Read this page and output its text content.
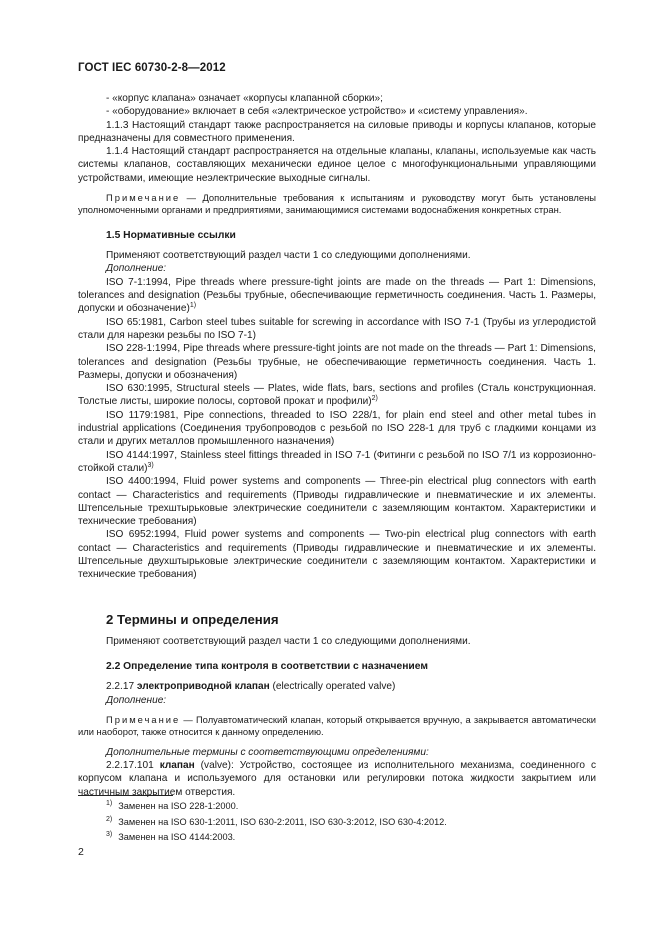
ГОСТ IEC 60730-2-8—2012

- «корпус клапана» означает «корпусы клапанной сборки»;

- «оборудование» включает в себя «электрическое устройство» и «систему управления».

1.1.3 Настоящий стандарт также распространяется на силовые приводы и корпусы клапанов, которые предназначены для совместного применения.

1.1.4 Настоящий стандарт распространяется на отдельные клапаны, клапаны, используемые как часть системы клапанов, составляющих механически единое целое с многофункциональными управляющими устройствами, имеющие неэлектрические выходные сигналы.

Примечание — Дополнительные требования к испытаниям и руководству могут быть установлены уполномоченными органами и предприятиями, занимающимися системами водоснабжения конкретных стран.

1.5 Нормативные ссылки

Применяют соответствующий раздел части 1 со следующими дополнениями.

Дополнение:

ISO 7-1:1994, Pipe threads where pressure-tight joints are made on the threads — Part 1: Dimensions, tolerances and designation (Резьбы трубные, обеспечивающие герметичность соединения. Часть 1. Размеры, допуски и обозначение)$^{1)}$

ISO 65:1981, Carbon steel tubes suitable for screwing in accordance with ISO 7-1 (Трубы из углеродистой стали для нарезки резьбы по ISO 7-1)

ISO 228-1:1994, Pipe threads where pressure-tight joints are not made on the threads — Part 1: Dimensions, tolerances and designation (Резьбы трубные, не обеспечивающие герметичность соединения. Часть 1. Размеры, допуски и обозначения)

ISO 630:1995, Structural steels — Plates, wide flats, bars, sections and profiles (Сталь конструкционная. Толстые листы, широкие полосы, сортовой прокат и профили)$^{2)}$

ISO 1179:1981, Pipe connections, threaded to ISO 228/1, for plain end steel and other metal tubes in industrial applications (Соединения трубопроводов с резьбой по ISO 228-1 для труб с гладкими концами из стали и других металлов промышленного назначения)

ISO 4144:1997, Stainless steel fittings threaded in ISO 7-1 (Фитинги с резьбой по ISO 7/1 из коррозионно-стойкой стали)$^{3)}$

ISO 4400:1994, Fluid power systems and components — Three-pin electrical plug connectors with earth contact — Characteristics and requirements (Приводы гидравлические и пневматические и их элементы. Штепсельные трехштырьковые электрические соединители с заземляющим контактом. Характеристики и технические требования)

ISO 6952:1994, Fluid power systems and components — Two-pin electrical plug connectors with earth contact — Characteristics and requirements (Приводы гидравлические и пневматические и их элементы. Штепсельные двухштырьковые электрические соединители с заземляющим контактом. Характеристики и технические требования)

2 Термины и определения

Применяют соответствующий раздел части 1 со следующими дополнениями.

2.2 Определение типа контроля в соответствии с назначением

2.2.17 электроприводной клапан (electrically operated valve)

Дополнение:

Примечание — Полуавтоматический клапан, который открывается вручную, а закрывается автоматически или наоборот, также относится к данному определению.

Дополнительные термины с соответствующими определениями:

2.2.17.101 клапан (valve): Устройство, состоящее из исполнительного механизма, соединенного с корпусом клапана и используемого для остановки или регулировки потока жидкости закрытием или частичным закрытием отверстия.

$^{1)}$ Заменен на ISO 228-1:2000.
$^{2)}$ Заменен на ISO 630-1:2011, ISO 630-2:2011, ISO 630-3:2012, ISO 630-4:2012.
$^{3)}$ Заменен на ISO 4144:2003.
2
